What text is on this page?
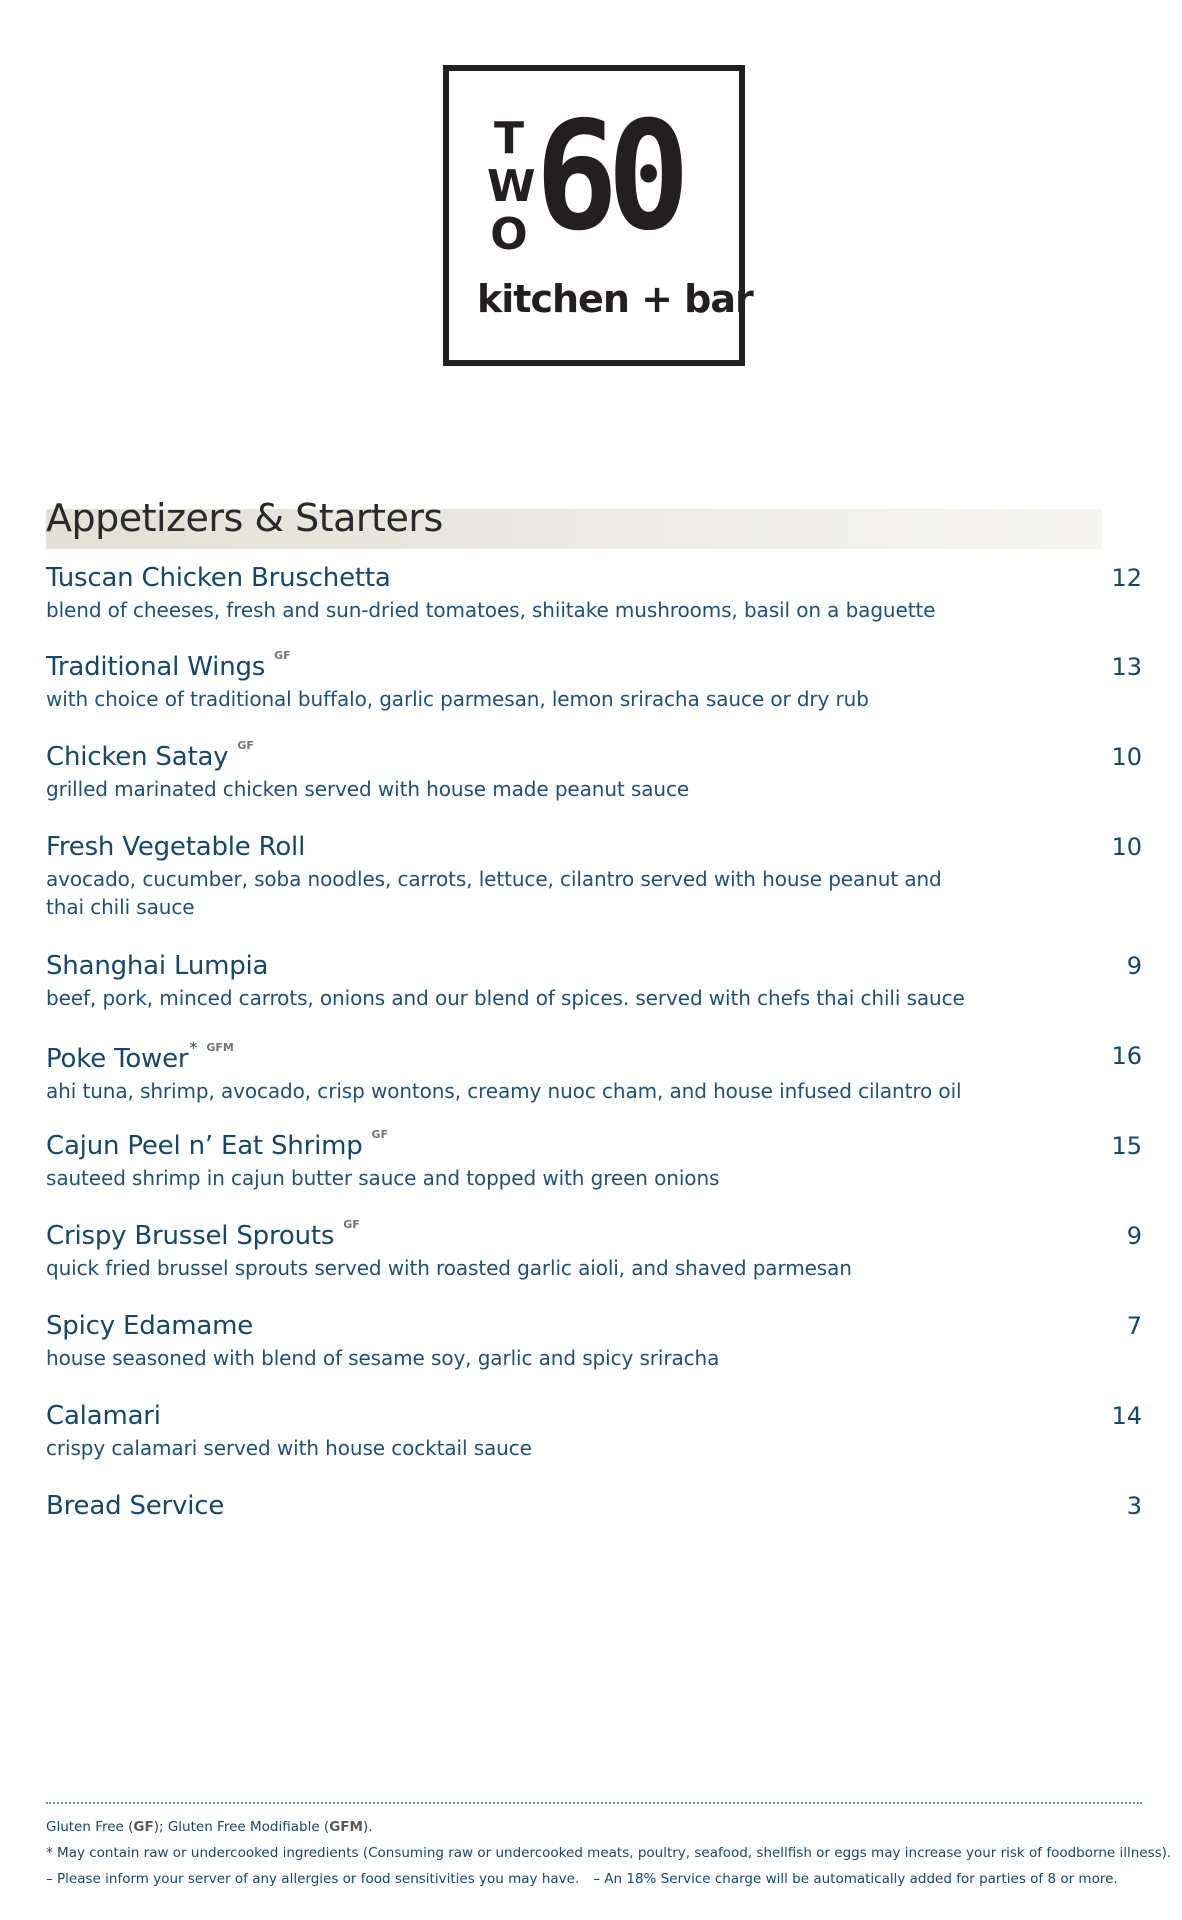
T
W
O 60
kitchen + bar
Appetizers & Starters
Tuscan Chicken Bruschetta	12
blend of cheeses, fresh and sun-dried tomatoes, shiitake mushrooms, basil on a baguette
Traditional Wings $^{GF}$	13
with choice of traditional buffalo, garlic parmesan, lemon sriracha sauce or dry rub
Chicken Satay $^{GF}$	10
grilled marinated chicken served with house made peanut sauce
Fresh Vegetable Roll	10
avocado, cucumber, soba noodles, carrots, lettuce, cilantro served with house peanut and thai chili sauce
Shanghai Lumpia	9
beef, pork, minced carrots, onions and our blend of spices. served with chefs thai chili sauce
Poke Tower* $^{GFM}$	16
ahi tuna, shrimp, avocado, crisp wontons, creamy nuoc cham, and house infused cilantro oil
Cajun Peel n’ Eat Shrimp $^{GF}$	15
sauteed shrimp in cajun butter sauce and topped with green onions
Crispy Brussel Sprouts $^{GF}$	9
quick fried brussel sprouts served with roasted garlic aioli, and shaved parmesan
Spicy Edamame	7
house seasoned with blend of sesame soy, garlic and spicy sriracha
Calamari	14
crispy calamari served with house cocktail sauce
Bread Service	3
Gluten Free (GF); Gluten Free Modifiable (GFM).
* May contain raw or undercooked ingredients (Consuming raw or undercooked meats, poultry, seafood, shellfish or eggs may increase your risk of foodborne illness).
– Please inform your server of any allergies or food sensitivities you may have. – An 18% Service charge will be automatically added for parties of 8 or more.
